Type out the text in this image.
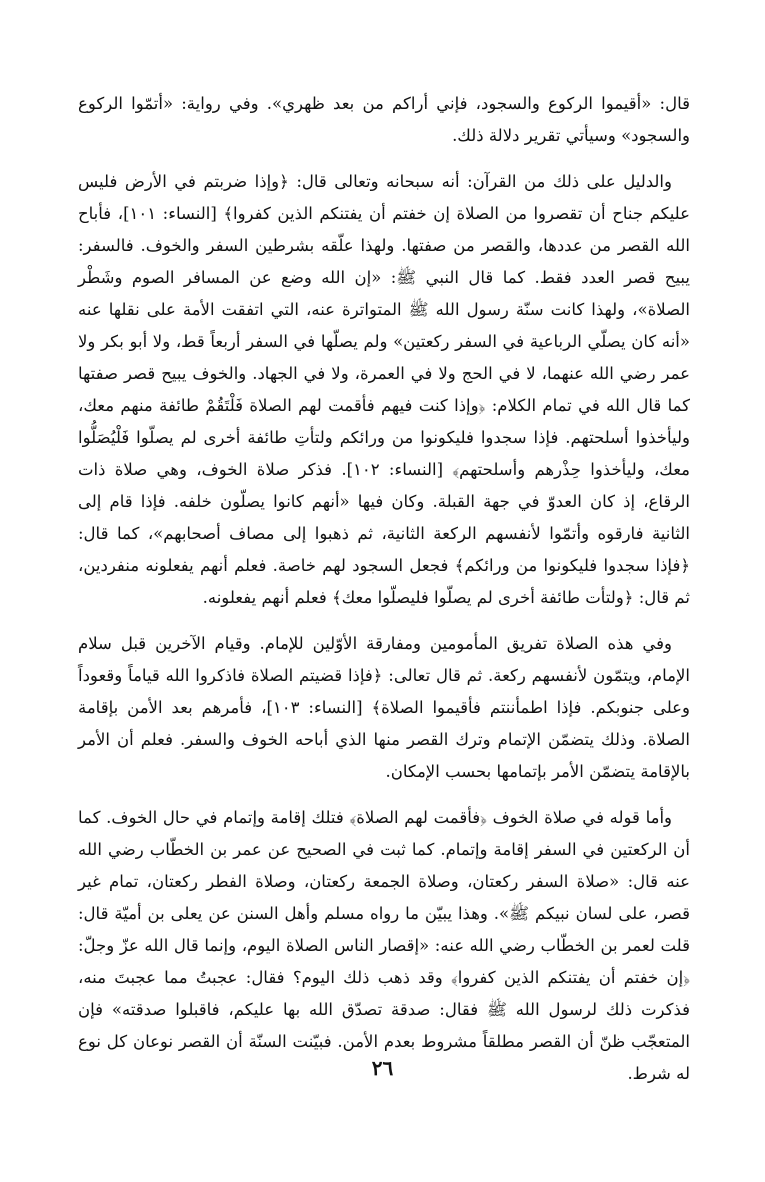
قال: «أقيموا الركوع والسجود، فإني أراكم من بعد ظهري». وفي رواية: «أتمّوا الركوع والسجود» وسيأتي تقرير دلالة ذلك.

والدليل على ذلك من القرآن: أنه سبحانه وتعالى قال: ﴿وإذا ضربتم في الأرض فليس عليكم جناح أن تقصروا من الصلاة إن خفتم أن يفتنكم الذين كفروا﴾ [النساء: ١٠١]، فأباح الله القصر من عددها، والقصر من صفتها. ولهذا علّقه بشرطين السفر والخوف. فالسفر: يبيح قصر العدد فقط. كما قال النبي ﷺ: «إن الله وضع عن المسافر الصوم وشَطْر الصلاة»، ولهذا كانت سنّة رسول الله ﷺ المتواترة عنه، التي اتفقت الأمة على نقلها عنه «أنه كان يصلّي الرباعية في السفر ركعتين» ولم يصلّها في السفر أربعاً قط، ولا أبو بكر ولا عمر رضي الله عنهما، لا في الحج ولا في العمرة، ولا في الجهاد. والخوف يبيح قصر صفتها كما قال الله في تمام الكلام: ﴿وإذا كنت فيهم فأقمت لهم الصلاة فَلْتَقُمْ طائفة منهم معك، وليأخذوا أسلحتهم. فإذا سجدوا فليكونوا من ورائكم ولتأتِ طائفة أخرى لم يصلّوا فَلْيُصَلُّوا معك، وليأخذوا حِذْرهم وأسلحتهم﴾ [النساء: ١٠٢]. فذكر صلاة الخوف، وهي صلاة ذات الرقاع، إذ كان العدوّ في جهة القبلة. وكان فيها «أنهم كانوا يصلّون خلفه. فإذا قام إلى الثانية فارقوه وأتمّوا لأنفسهم الركعة الثانية، ثم ذهبوا إلى مصاف أصحابهم»، كما قال: ﴿فإذا سجدوا فليكونوا من ورائكم﴾ فجعل السجود لهم خاصة. فعلم أنهم يفعلونه منفردين، ثم قال: ﴿ولتأت طائفة أخرى لم يصلّوا فليصلّوا معك﴾ فعلم أنهم يفعلونه.

وفي هذه الصلاة تفريق المأمومين ومفارقة الأوّلين للإمام. وقيام الآخرين قبل سلام الإمام، ويتمّون لأنفسهم ركعة. ثم قال تعالى: ﴿فإذا قضيتم الصلاة فاذكروا الله قياماً وقعوداً وعلى جنوبكم. فإذا اطمأننتم فأقيموا الصلاة﴾ [النساء: ١٠٣]، فأمرهم بعد الأمن بإقامة الصلاة. وذلك يتضمّن الإتمام وترك القصر منها الذي أباحه الخوف والسفر. فعلم أن الأمر بالإقامة يتضمّن الأمر بإتمامها بحسب الإمكان.

وأما قوله في صلاة الخوف ﴿فأقمت لهم الصلاة﴾ فتلك إقامة وإتمام في حال الخوف. كما أن الركعتين في السفر إقامة وإتمام. كما ثبت في الصحيح عن عمر بن الخطّاب رضي الله عنه قال: «صلاة السفر ركعتان، وصلاة الجمعة ركعتان، وصلاة الفطر ركعتان، تمام غير قصر، على لسان نبيكم ﷺ». وهذا يبيّن ما رواه مسلم وأهل السنن عن يعلى بن أميّة قال: قلت لعمر بن الخطّاب رضي الله عنه: «إقصار الناس الصلاة اليوم، وإنما قال الله عزّ وجلّ: ﴿إن خفتم أن يفتنكم الذين كفروا﴾ وقد ذهب ذلك اليوم؟ فقال: عجبتُ مما عجبتَ منه، فذكرت ذلك لرسول الله ﷺ فقال: صدقة تصدّق الله بها عليكم، فاقبلوا صدقته» فإن المتعجّب ظنّ أن القصر مطلقاً مشروط بعدم الأمن. فبيّنت السنّة أن القصر نوعان كل نوع له شرط.

٢٦
